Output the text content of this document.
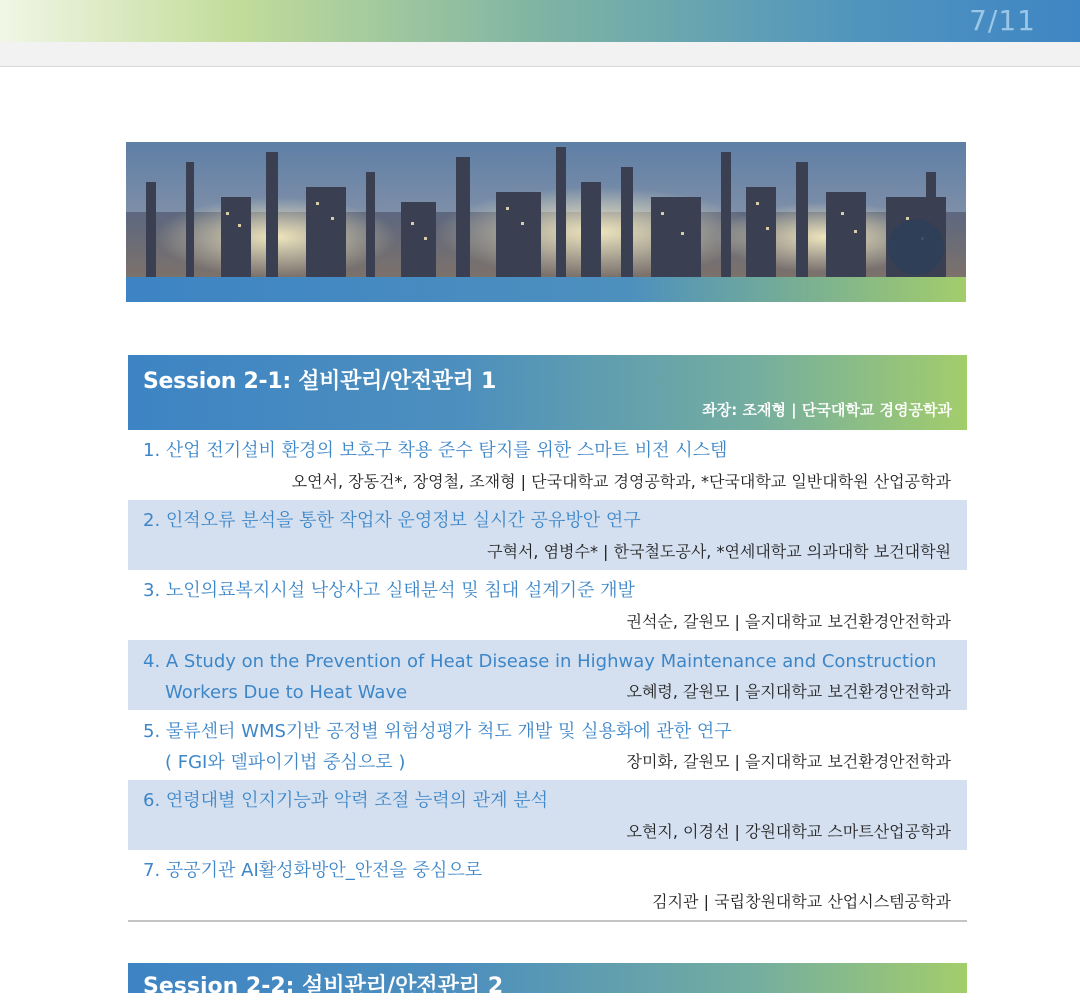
7/11
Session 2-1: 설비관리/안전관리 1
좌장: 조재형 | 단국대학교 경영공학과
1. 산업 전기설비 환경의 보호구 착용 준수 탐지를 위한 스마트 비전 시스템
오연서, 장동건*, 장영철, 조재형 | 단국대학교 경영공학과, *단국대학교 일반대학원 산업공학과
2. 인적오류 분석을 통한 작업자 운영정보 실시간 공유방안 연구
구혁서, 염병수* | 한국철도공사, *연세대학교 의과대학 보건대학원
3. 노인의료복지시설 낙상사고 실태분석 및 침대 설계기준 개발
권석순, 갈원모 | 을지대학교 보건환경안전학과
4. A Study on the Prevention of Heat Disease in Highway Maintenance and Construction
Workers Due to Heat Wave	오혜령, 갈원모 | 을지대학교 보건환경안전학과
5. 물류센터 WMS기반 공정별 위험성평가 척도 개발 및 실용화에 관한 연구
( FGI와 델파이기법 중심으로 )	장미화, 갈원모 | 을지대학교 보건환경안전학과
6. 연령대별 인지기능과 악력 조절 능력의 관계 분석
오현지, 이경선 | 강원대학교 스마트산업공학과
7. 공공기관 AI활성화방안_안전을 중심으로
김지관 | 국립창원대학교 산업시스템공학과
Session 2-2: 설비관리/안전관리 2
